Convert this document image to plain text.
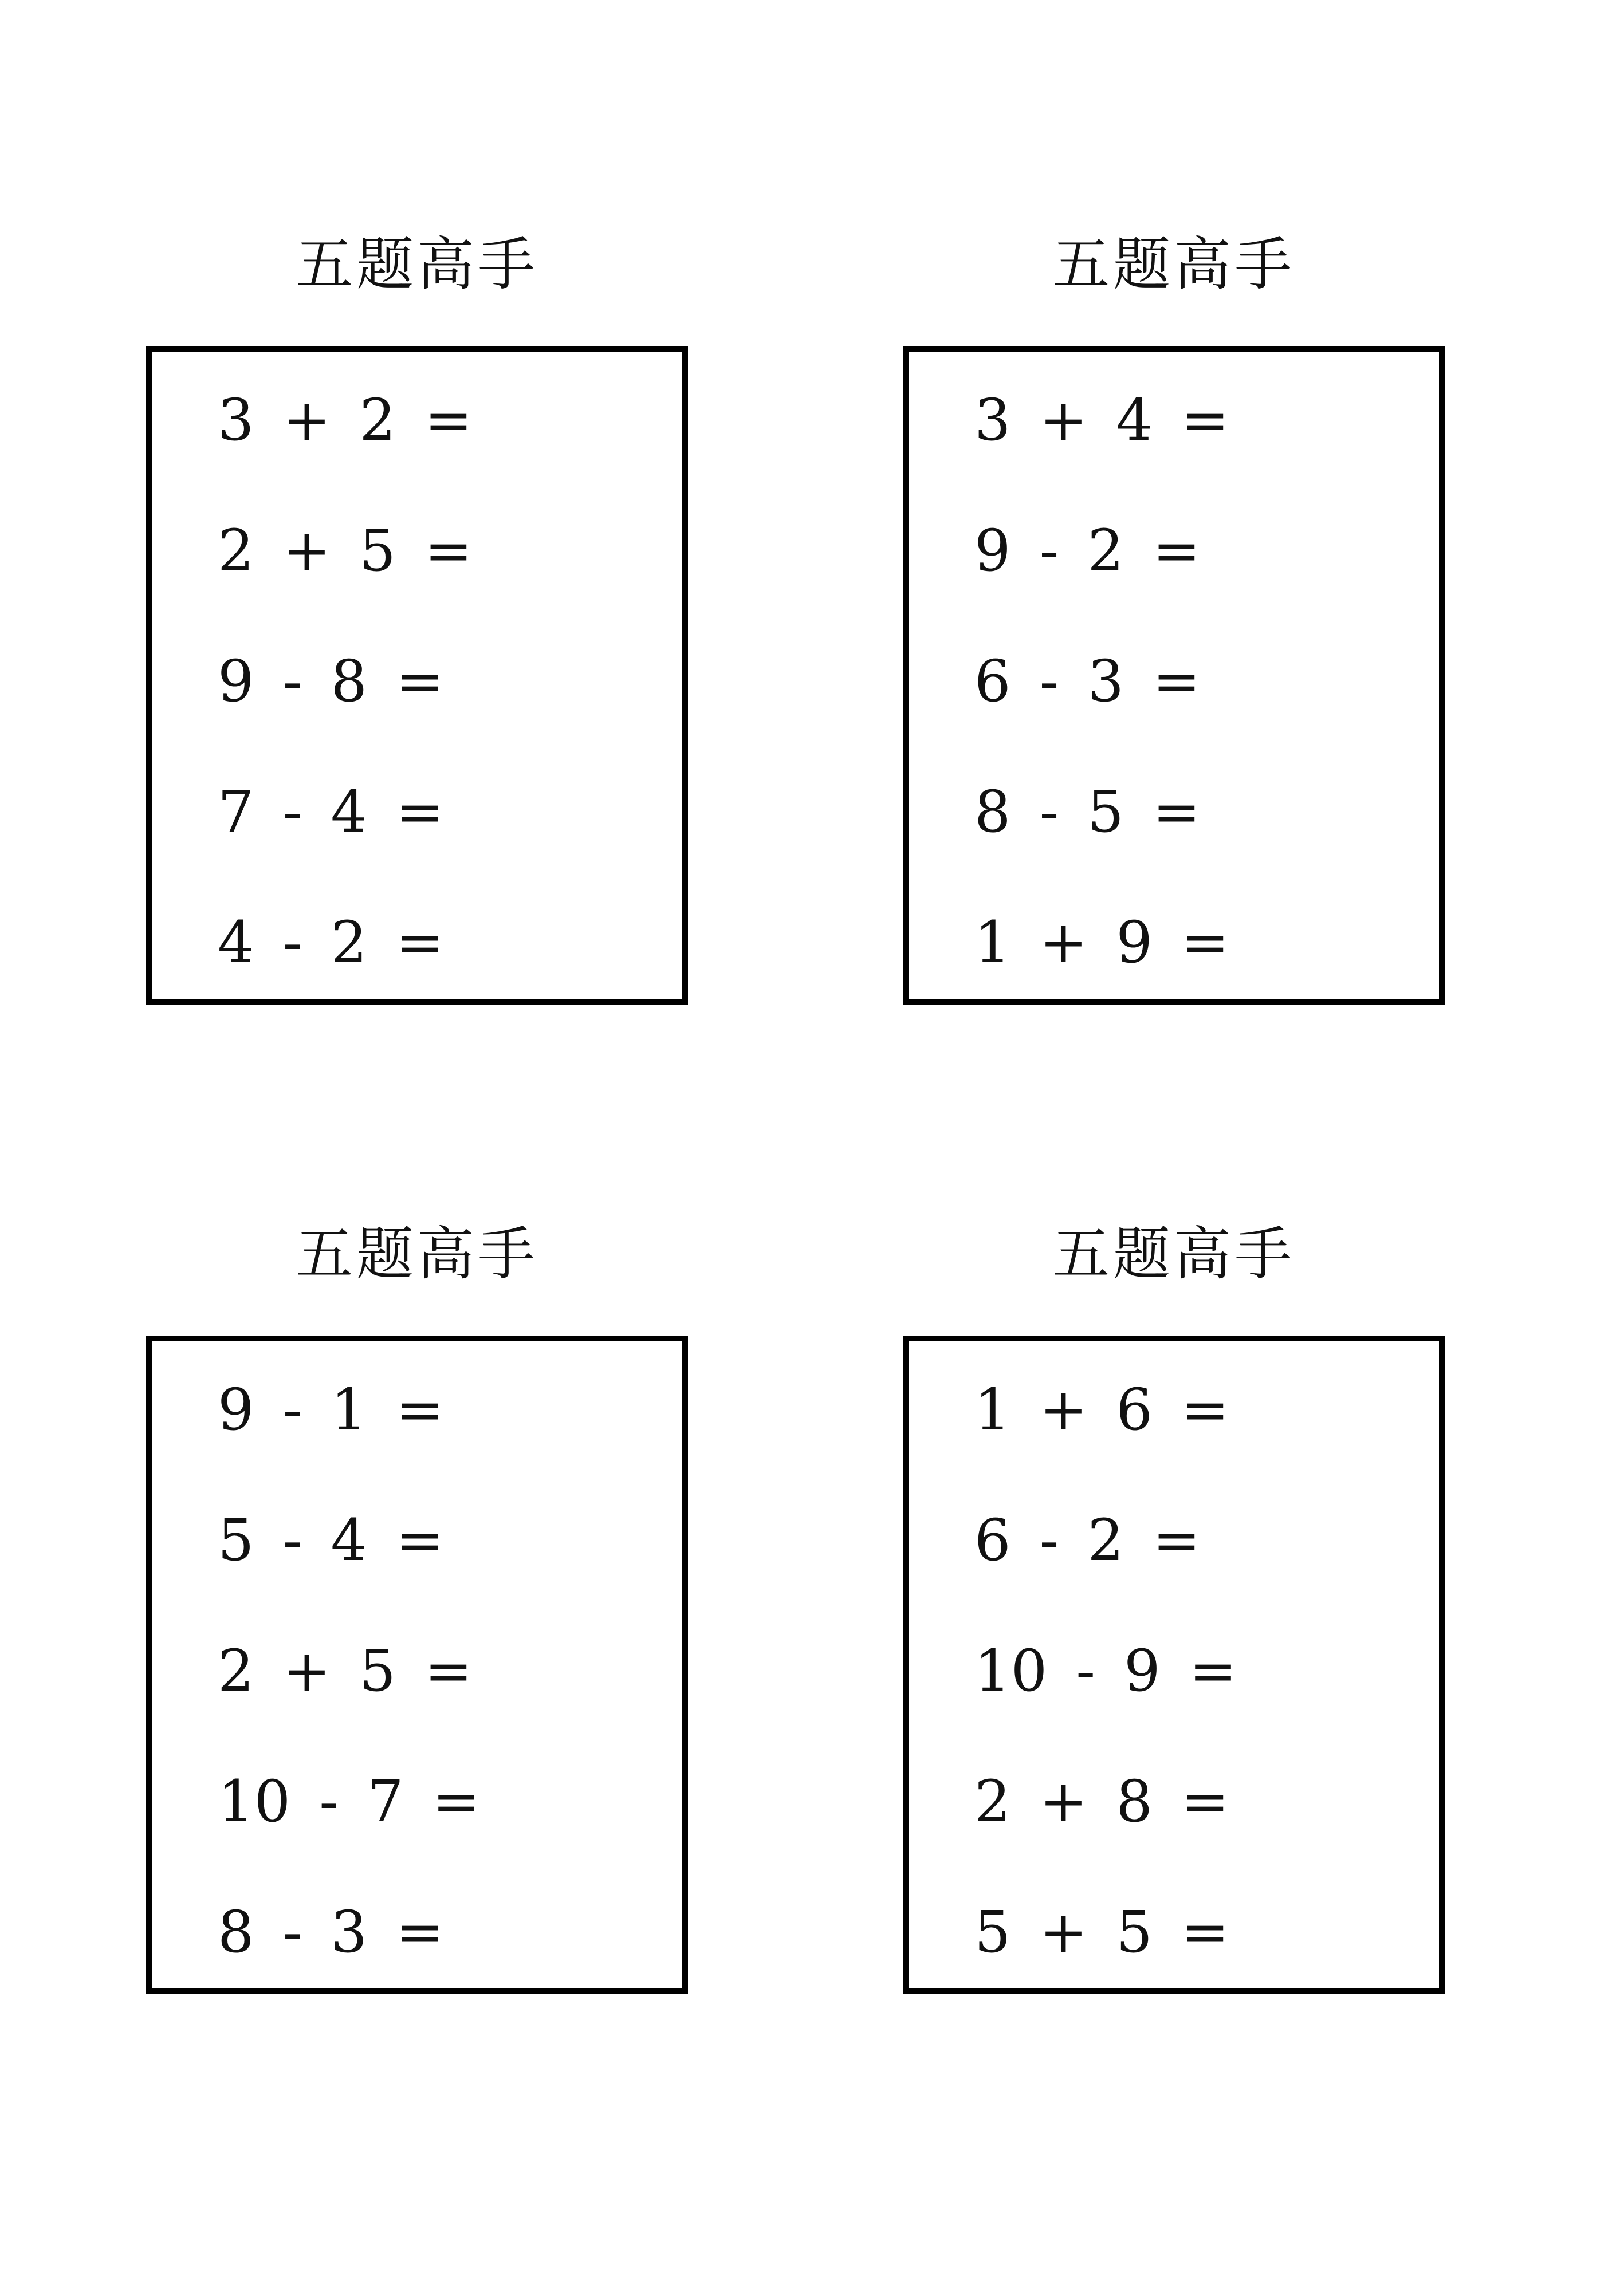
五题高手
3 + 2 =
2 + 5 =
9 - 8 =
7 - 4 =
4 - 2 =
五题高手
3 + 4 =
9 - 2 =
6 - 3 =
8 - 5 =
1 + 9 =
五题高手
9 - 1 =
5 - 4 =
2 + 5 =
10 - 7 =
8 - 3 =
五题高手
1 + 6 =
6 - 2 =
10 - 9 =
2 + 8 =
5 + 5 =
